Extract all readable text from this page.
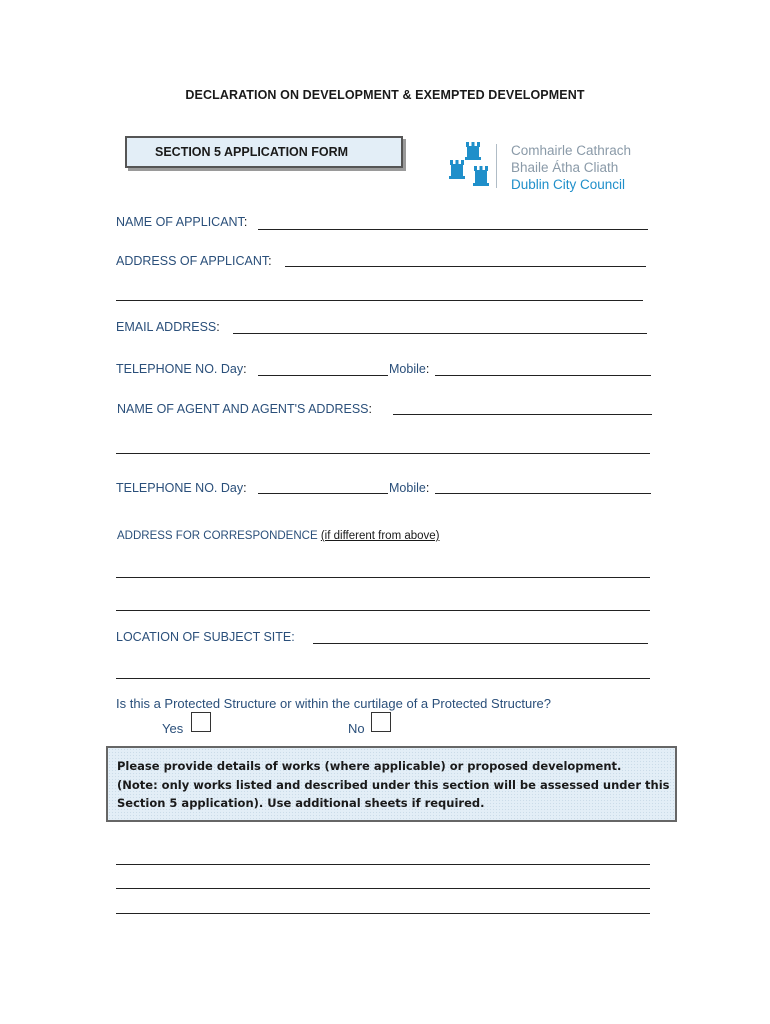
DECLARATION ON DEVELOPMENT & EXEMPTED DEVELOPMENT
SECTION 5 APPLICATION FORM	Comhairle Cathrach
Bhaile Átha Cliath
Dublin City Council
NAME OF APPLICANT:
ADDRESS OF APPLICANT:
EMAIL ADDRESS:
TELEPHONE NO. Day:	Mobile:
NAME OF AGENT AND AGENT'S ADDRESS:
TELEPHONE NO. Day:	Mobile:
ADDRESS FOR CORRESPONDENCE (if different from above)
LOCATION OF SUBJECT SITE:
Is this a Protected Structure or within the curtilage of a Protected Structure?
Yes	No
Please provide details of works (where applicable) or proposed development.
(Note: only works listed and described under this section will be assessed under this
Section 5 application). Use additional sheets if required.
